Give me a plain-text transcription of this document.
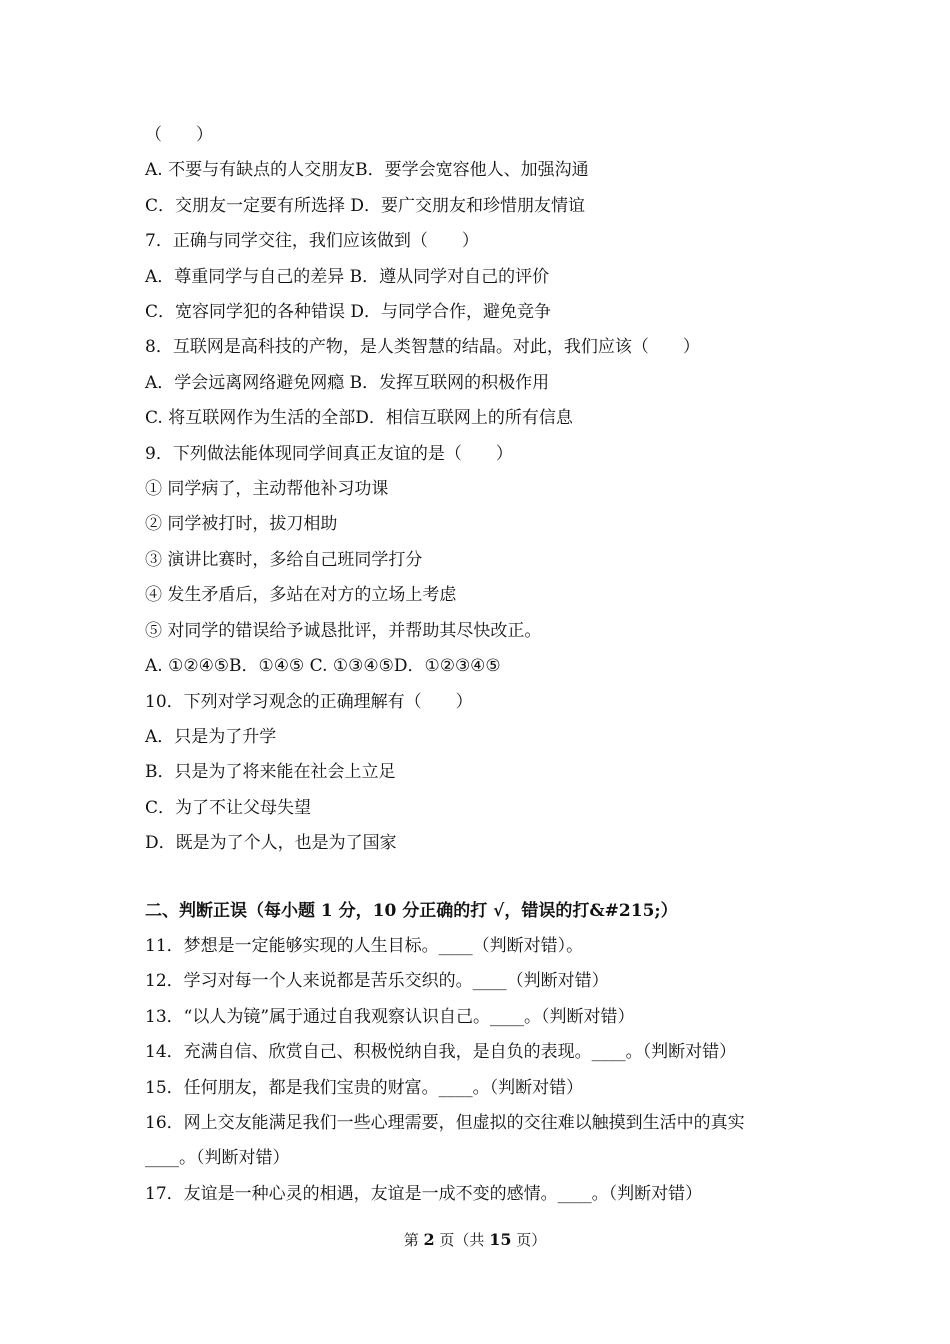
（　　）

A. 不要与有缺点的人交朋友B．要学会宽容他人、加强沟通

C．交朋友一定要有所选择 D．要广交朋友和珍惜朋友情谊

7．正确与同学交往，我们应该做到（　　）

A．尊重同学与自己的差异 B．遵从同学对自己的评价

C．宽容同学犯的各种错误 D．与同学合作，避免竞争

8．互联网是高科技的产物，是人类智慧的结晶。对此，我们应该（　　）

A．学会远离网络避免网瘾 B．发挥互联网的积极作用

C. 将互联网作为生活的全部D．相信互联网上的所有信息

9．下列做法能体现同学间真正友谊的是（　　）

① 同学病了，主动帮他补习功课

② 同学被打时，拔刀相助

③ 演讲比赛时，多给自己班同学打分

④ 发生矛盾后，多站在对方的立场上考虑

⑤ 对同学的错误给予诚恳批评，并帮助其尽快改正。

A. ①②④⑤B．①④⑤ C. ①③④⑤D．①②③④⑤

10．下列对学习观念的正确理解有（　　）

A．只是为了升学

B．只是为了将来能在社会上立足

C．为了不让父母失望

D．既是为了个人，也是为了国家

二、判断正误（每小题 1 分，10 分正确的打 √，错误的打&#215;）

11．梦想是一定能够实现的人生目标。____（判断对错）。

12．学习对每一个人来说都是苦乐交织的。____（判断对错）

13．“以人为镜”属于通过自我观察认识自己。____。（判断对错）

14．充满自信、欣赏自己、积极悦纳自我，是自负的表现。____。（判断对错）

15．任何朋友，都是我们宝贵的财富。____。（判断对错）

16．网上交友能满足我们一些心理需要，但虚拟的交往难以触摸到生活中的真实

____。（判断对错）

17．友谊是一种心灵的相遇，友谊是一成不变的感情。____。（判断对错）

第 2 页（共 15 页）
